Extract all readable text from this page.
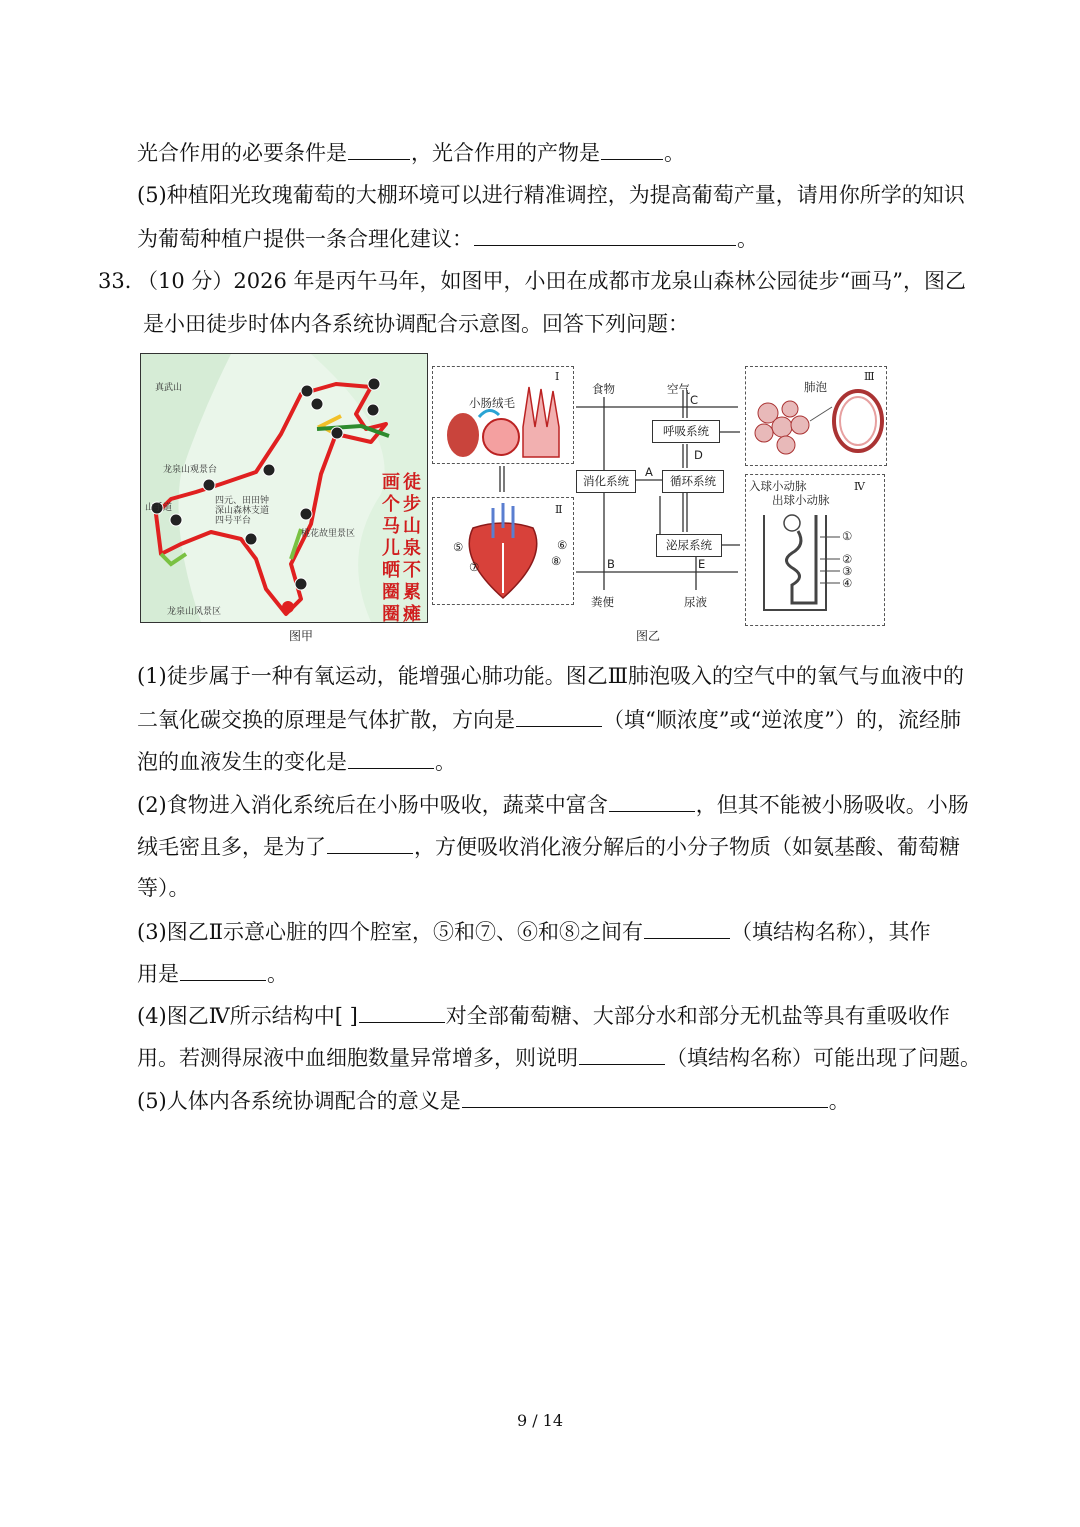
光合作用的必要条件是	，光合作用的产物是	。
(5)种植阳光玫瑰葡萄的大棚环境可以进行精准调控，为提高葡萄产量，请用你所学的知识
为葡萄种植户提供一条合理化建议：	。
33．
（10 分）2026 年是丙午马年，如图甲，小田在成都市龙泉山森林公园徒步“画马”，图乙
是小田徒步时体内各系统协调配合示意图。回答下列问题：
真武山
龙泉山观景台
山手道
四元、田田钟
深山森林支道
四号平台
桃花故里景区
龙泉山风景区
徒步山泉不累瘫
画个马儿晒圈圈
图甲
小肠绒毛
Ⅰ
⑤
⑦
⑥
⑧
Ⅱ
肺泡
Ⅲ
入球小动脉
出球小动脉
Ⅳ
①
②
③
④
食物	空气
C
D
A
B	E
呼吸系统
消化系统	循环系统
泌尿系统
粪便	尿液
图乙
(1)徒步属于一种有氧运动，能增强心肺功能。图乙Ⅲ肺泡吸入的空气中的氧气与血液中的
二氧化碳交换的原理是气体扩散，方向是	（填“顺浓度”或“逆浓度”）的，流经肺
泡的血液发生的变化是	。
(2)食物进入消化系统后在小肠中吸收，蔬菜中富含	，但其不能被小肠吸收。小肠
绒毛密且多，是为了	，方便吸收消化液分解后的小分子物质（如氨基酸、葡萄糖
等）。
(3)图乙Ⅱ示意心脏的四个腔室，⑤和⑦、⑥和⑧之间有	（填结构名称），其作
用是	。
(4)图乙Ⅳ所示结构中[ ]	对全部葡萄糖、大部分水和部分无机盐等具有重吸收作
用。若测得尿液中血细胞数量异常增多，则说明	（填结构名称）可能出现了问题。
(5)人体内各系统协调配合的意义是	。
9 / 14
